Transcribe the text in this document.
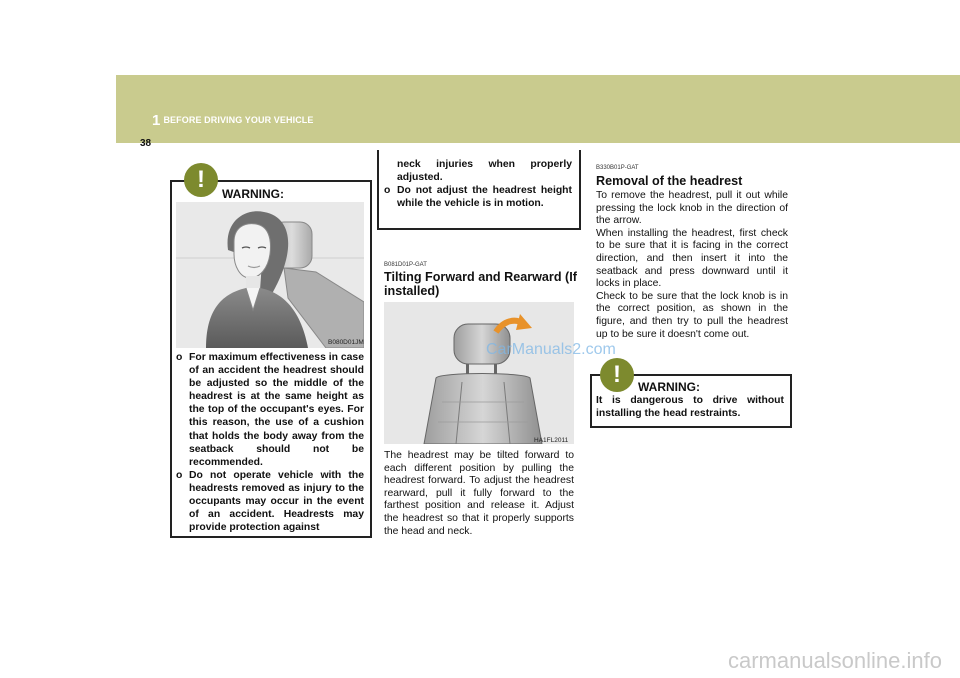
1 BEFORE DRIVING YOUR VEHICLE
38
!
WARNING:
B080D01JM
o For maximum effectiveness in case of an accident the headrest should be adjusted so the middle of the headrest is at the same height as the top of the occupant's eyes. For this reason, the use of a cushion that holds the body away from the seatback should not be recommended.
o Do not operate vehicle with the headrests removed as injury to the occupants may occur in the event of an accident. Headrests may provide protection against
neck injuries when properly adjusted.
o Do not adjust the headrest height while the vehicle is in motion.
B081D01P-GAT
Tilting Forward and Rearward (If installed)
CarManuals2.com
HA1FL2011

The headrest may be tilted forward to each different position by pulling the headrest forward. To adjust the headrest rearward, pull it fully forward to the farthest position and release it. Adjust the headrest so that it properly supports the head and neck.

B330B01P-GAT
Removal of the headrest

To remove the headrest, pull it out while pressing the lock knob in the direction of the arrow.

When installing the headrest, first check to be sure that it is facing in the correct direction, and then insert it into the seatback and press downward until it locks in place.

Check to be sure that the lock knob is in the correct position, as shown in the figure, and then try to pull the headrest up to be sure it doesn't come out.

!	WARNING:

It is dangerous to drive without installing the head restraints.

carmanualsonline.info
